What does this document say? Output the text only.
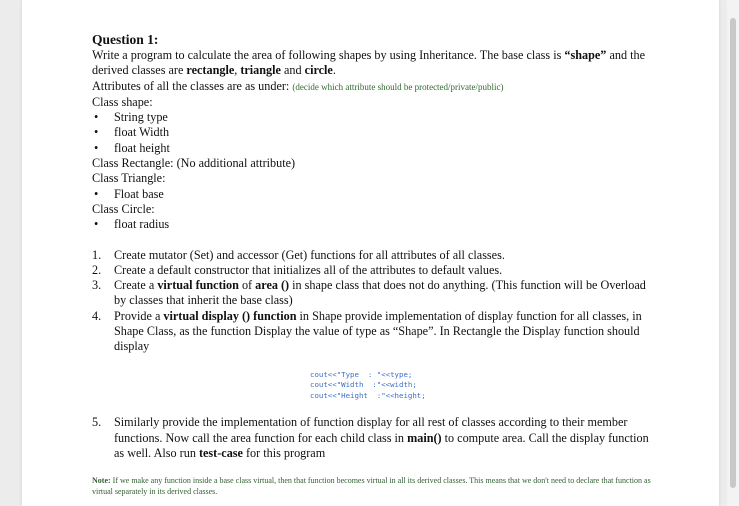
Question 1:

Write a program to calculate the area of following shapes by using Inheritance. The base class is “shape” and the derived classes are rectangle, triangle and circle.

Attributes of all the classes are as under: (decide which attribute should be protected/private/public)

Class shape:

• String type
• float Width
• float height

Class Rectangle: (No additional attribute)

Class Triangle:

• Float base

Class Circle:

• float radius
1. Create mutator (Set) and accessor (Get) functions for all attributes of all classes.
2. Create a default constructor that initializes all of the attributes to default values.
3. Create a virtual function of area () in shape class that does not do anything. (This function will be Overload by classes that inherit the base class)
4. Provide a virtual display () function in Shape provide implementation of display function for all classes, in Shape Class, as the function Display the value of type as “Shape”. In Rectangle the Display function should display
cout<<"Type  : "<<type;
cout<<"Width  :"<<width;
cout<<"Height  :"<<height;
5. Similarly provide the implementation of function display for all rest of classes according to their member functions. Now call the area function for each child class in main() to compute area. Call the display function as well. Also run test-case for this program

Note: If we make any function inside a base class virtual, then that function becomes virtual in all its derived classes. This means that we don't need to declare that function as virtual separately in its derived classes.
